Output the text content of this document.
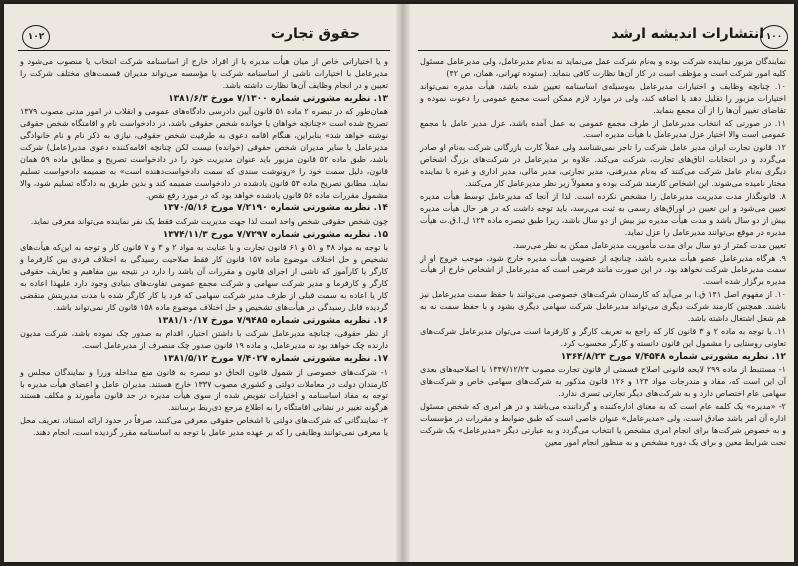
حقوق تجارت
۱۰۲

و یا اختیاراتی خاص از میان هیأت مدیره یا از افراد خارج از اساسنامه شرکت انتخاب یا منصوب می‌شود و مدیرعامل با اختیارات ناشی از اساسنامه شرکت یا مؤسسه می‌تواند مدیران قسمت‌های مختلف شرکت را تعیین و در انجام وظایف آن‌ها نظارت داشته باشد.

۱۳. نظریه مشورتی شماره ۷/۱۳۰۰ مورخ ۱۳۸۱/۶/۳

همان‌طور که در تبصره ۲ ماده ۵۱ قانون آیین دادرسی دادگاه‌های عمومی و انقلاب در امور مدنی مصوب ۱۳۷۹ تصریح شده است «چنانچه خواهان یا خوانده شخص حقوقی باشد، در دادخواست نام و اقامتگاه شخص حقوقی نوشته خواهد شد» بنابراین، هنگام اقامه دعوی به طرفیت شخص حقوقی، نیازی به ذکر نام و نام خانوادگی مدیرعامل یا سایر مدیران شخص حقوقی (خوانده) نیست لکن چنانچه اقامه‌کننده دعوی مدیر(عامل) شرکت باشد، طبق ماده ۵۲ قانون مزبور باید عنوان مدیریت خود را در دادخواست تصریح و مطابق ماده ۵۹ همان قانون، دلیل سمت خود را «رونوشت سندی که سمت دادخواست‌دهنده است» به ضمیمه دادخواست تسلیم نماید. مطابق تصریح ماده ۵۴ قانون یادشده در دادخواست ضمیمه کند و بدین طریق به دادگاه تسلیم شود، والا مشمول مقررات ماده ۵۶ قانون یادشده خواهد بود که در مورد رفع نقص.

۱۴. نظریه مشورتی شماره ۷/۲۱۹۰ مورخ ۱۳۷۰/۵/۱۶

چون شخص حقوقی شخص واحد است لذا جهت مدیریت شرکت فقط یک نفر نماینده می‌تواند معرفی نماید.

۱۵. نظریه مشورتی شماره ۷/۷۲۹۷ مورخ ۱۳۷۴/۱۱/۳

با توجه به مواد ۴۸ و ۵۱ و ۶۱ قانون تجارت و با عنایت به مواد ۲ و ۳ و ۷ قانون کار و توجه به این‌که هیأت‌های تشخیص و حل اختلاف موضوع ماده ۱۵۷ قانون کار فقط صلاحیت رسیدگی به اختلاف فردی بین کارفرما و کارگر یا کارآموز که ناشی از اجرای قانون و مقررات آن باشد را دارد در نتیجه بین مفاهیم و تعاریف حقوقی کارگر و کارفرما و مدیر شرکت سهامی و شرکت مجمع عمومی تفاوت‌های بنیادی وجود دارد علیهذا اعاده به کار یا اعاده به سمت قبلی از طرف مدیر شرکت سهامی که فرد یا کار کارگر شده با مدت مدیریتش منقضی گردیده قابل رسیدگی در هیأت‌های تشخیص و حل اختلاف موضوع ماده ۱۵۸ قانون کار نمی‌تواند باشد.

۱۶. نظریه مشورتی شماره ۷/۹۴۸۵ مورخ ۱۳۸۱/۱۰/۱۷

از نظر حقوقی، چنانچه مدیرعامل شرکت با داشتن اختیار، اقدام به صدور چک نموده باشد، شرکت مدیون دارنده چک خواهد بود نه مدیرعامل، و ماده ۱۹ قانون صدور چک منصرف از مدیرعامل است.

۱۷. نظریه مشورتی شماره ۷/۴۰۲۷ مورخ ۱۳۸۱/۵/۱۲

۱- شرکت‌های خصوصی از شمول قانون الحاق دو تبصره به قانون منع مداخله وزرا و نمایندگان مجلس و کارمندان دولت در معاملات دولتی و کشوری مصوب ۱۳۳۷ خارج هستند. مدیران عامل و اعضای هیأت مدیره با توجه به مفاد اساسنامه و اختیارات تفویض شده از سوی هیأت مدیره در حد قانون مأمورند و مکلف هستند هرگونه تغییر در نشانی اقامتگاه را به اطلاع مرجع ذی‌ربط برسانند.

۲- نمایندگانی که شرکت‌های دولتی با اشخاص حقوقی معرفی می‌کنند، صرفاً در حدود ارائه استناد، تعریف محل یا معرفی نمی‌توانند وظایفی را که بر عهده مدیر عامل با توجه به اساسنامه مقرر گردیده است، انجام دهند.

انتشارات اندیشه ارشد ۱۰۰

نمایندگان مزبور نماینده شرکت بوده و به‌نام شرکت عمل می‌نماید نه به‌نام مدیرعامل، ولی مدیرعامل مسئول کلیه امور شرکت است و مؤظف است در کار آن‌ها نظارت کافی بنماید. (ستوده تهرانی، همان، ص ۴۲)

۱۰. چنانچه وظایف و اختیارات مدیرعامل به‌وسیله‌ی اساسنامه تعیین شده باشد، هیأت مدیره نمی‌تواند اختیارات مزبور را تقلیل دهد یا اضافه کند، ولی در موارد لازم ممکن است مجمع عمومی را دعوت نموده و تقاضای تغییر آن‌ها را از آن مجمع بنماید.

۱۱. در صورتی که انتخاب مدیرعامل از طرف مجمع عمومی به عمل آمده باشد، عزل مدیر عامل با مجمع عمومی است والا اختیار عزل مدیرعامل با هیأت مدیره است.

۱۲. قانون تجارت ایران مدیر عامل شرکت را تاجر نمی‌شناسد ولی عملاً کارت بازرگانی شرکت به‌نام او صادر می‌گردد و در انتخابات اتاق‌های تجارت، شرکت می‌کند. علاوه بر مدیرعامل در شرکت‌های بزرگ اشخاص دیگری به‌نام عامل شرکت می‌کنند که به‌نام مدیرفنی، مدیر تجارتی، مدیر مالی، مدیر اداری و غیره با نماینده مختار نامیده می‌شوند. این اشخاص کارمند شرکت بوده و معمولاً زیر نظر مدیرعامل کار می‌کنند.

۸. قانونگذار مدت مدیریت مدیرعامل را مشخص نکرده است. لذا از آنجا که مدیرعامل توسط هیأت مدیره تعیین می‌شود و این تعیین در اوراق‌های رسمی به ثبت می‌رسد، باید توجه داشت که در هر حال هیأت مدیره بیش از دو سال باشد و مدت هیأت مدیره نیز بیش از دو سال باشد، زیرا طبق تبصره ماده ۱۲۴ ل.ا.ق.ت هیأت مدیره در موقع بی‌توانند مدیرعامل را عزل نماید.

تعیین مدت کمتر از دو سال برای مدت مأموریت مدیرعامل ممکن به نظر می‌رسد.

۹. هرگاه مدیرعامل عضو هیأت مدیره باشد، چنانچه از عضویت هیأت مدیره خارج شود، موجب خروج او از سمت مدیرعامل شرکت نخواهد بود. در این صورت مانند فرضی است که مدیرعامل از اشخاص خارج از هیأت مدیره برگزار شده است.

۱۰. از مفهوم اصل ۱۴۱ ق.ا بر می‌آید که کارمندان شرکت‌های خصوصی می‌توانند با حفظ سمت مدیرعامل نیز باشند. همچنین کارمند شرکت دیگری می‌تواند مدیرعامل شرکت سهامی دیگری بشود و با حفظ سمت نه به هم شغل اشتغال داشته باشد.

۱۱. با توجه به ماده ۲ و ۳ قانون کار که راجع به تعریف کارگر و کارفرما است می‌توان مدیرعامل شرکت‌های تعاونی روستایی را مشمول این قانون دانسته و کارگر محسوب کرد.

۱۲. نظریه مشورتی شماره ۷/۴۵۴۸ مورخ ۱۳۶۴/۸/۲۳

۱- مستنبط از ماده ۲۹۹ لایحه قانونی اصلاح قسمتی از قانون تجارت مصوب ۱۳۴۷/۱۲/۲۴ با اصلاحیه‌های بعدی آن این است که، مفاد و مندرجات مواد ۱۲۴ و ۱۲۶ قانون مذکور به شرکت‌های سهامی خاص و شرکت‌های سهامی عام اختصاص دارد و به شرکت‌های دیگر تجارتی تسری ندارد.

۲- «مدیره» یک کلمه عام است که به معنای اداره‌کننده و گرداننده می‌باشد و در هر امری که شخص مسئول اداره آن امر باشد صادق است، ولی «مدیرعامل» عنوان خاصی است که طبق ضوابط و مقررات در مؤسسات و به خصوص شرکت‌ها برای انجام امری مشخص یا انتخاب می‌گردد و به عبارتی دیگر «مدیرعامل» یک شرکت تحت شرایط معین و برای یک دوره مشخص و به منظور انجام امور معین
